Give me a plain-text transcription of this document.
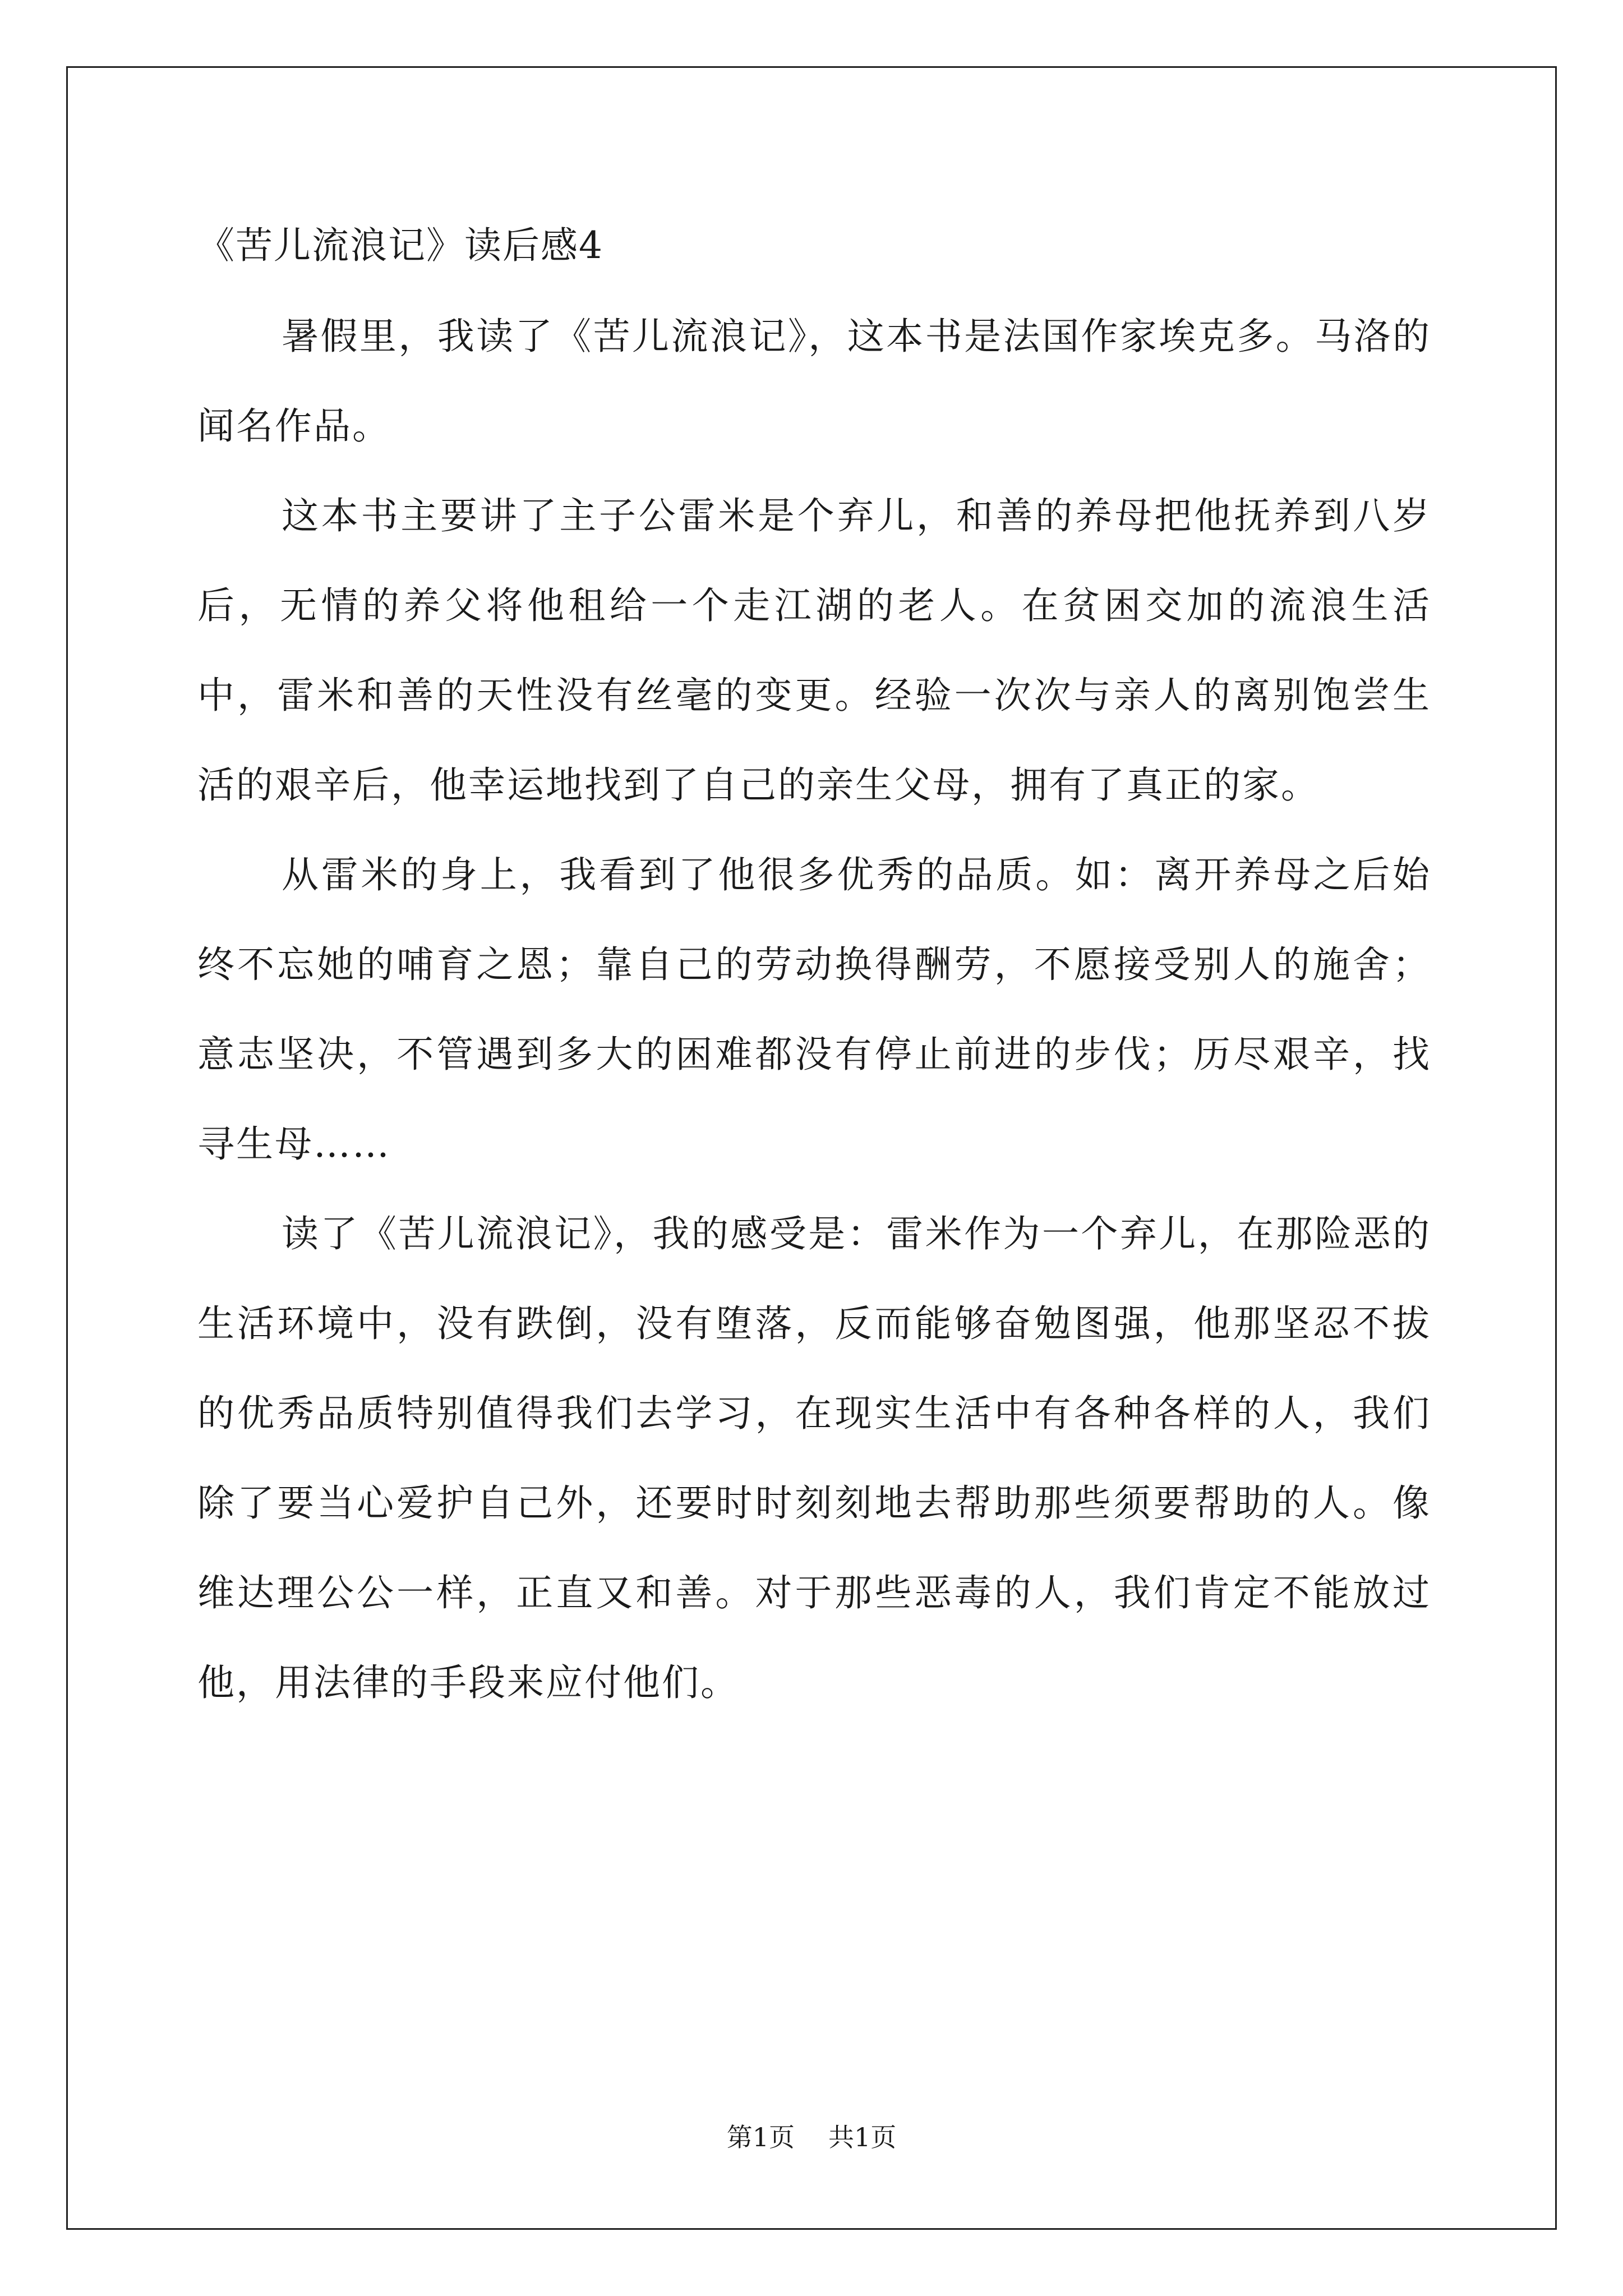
《苦儿流浪记》读后感4

暑假里，我读了《苦儿流浪记》，这本书是法国作家埃克多。马洛的闻名作品。

这本书主要讲了主子公雷米是个弃儿，和善的养母把他抚养到八岁后，无情的养父将他租给一个走江湖的老人。在贫困交加的流浪生活中，雷米和善的天性没有丝毫的变更。经验一次次与亲人的离别饱尝生活的艰辛后，他幸运地找到了自己的亲生父母，拥有了真正的家。

从雷米的身上，我看到了他很多优秀的品质。如：离开养母之后始终不忘她的哺育之恩；靠自己的劳动换得酬劳，不愿接受别人的施舍；意志坚决，不管遇到多大的困难都没有停止前进的步伐；历尽艰辛，找寻生母……

读了《苦儿流浪记》，我的感受是：雷米作为一个弃儿，在那险恶的生活环境中，没有跌倒，没有堕落，反而能够奋勉图强，他那坚忍不拔的优秀品质特别值得我们去学习，在现实生活中有各种各样的人，我们除了要当心爱护自己外，还要时时刻刻地去帮助那些须要帮助的人。像维达理公公一样，正直又和善。对于那些恶毒的人，我们肯定不能放过他，用法律的手段来应付他们。

第1页 共1页
